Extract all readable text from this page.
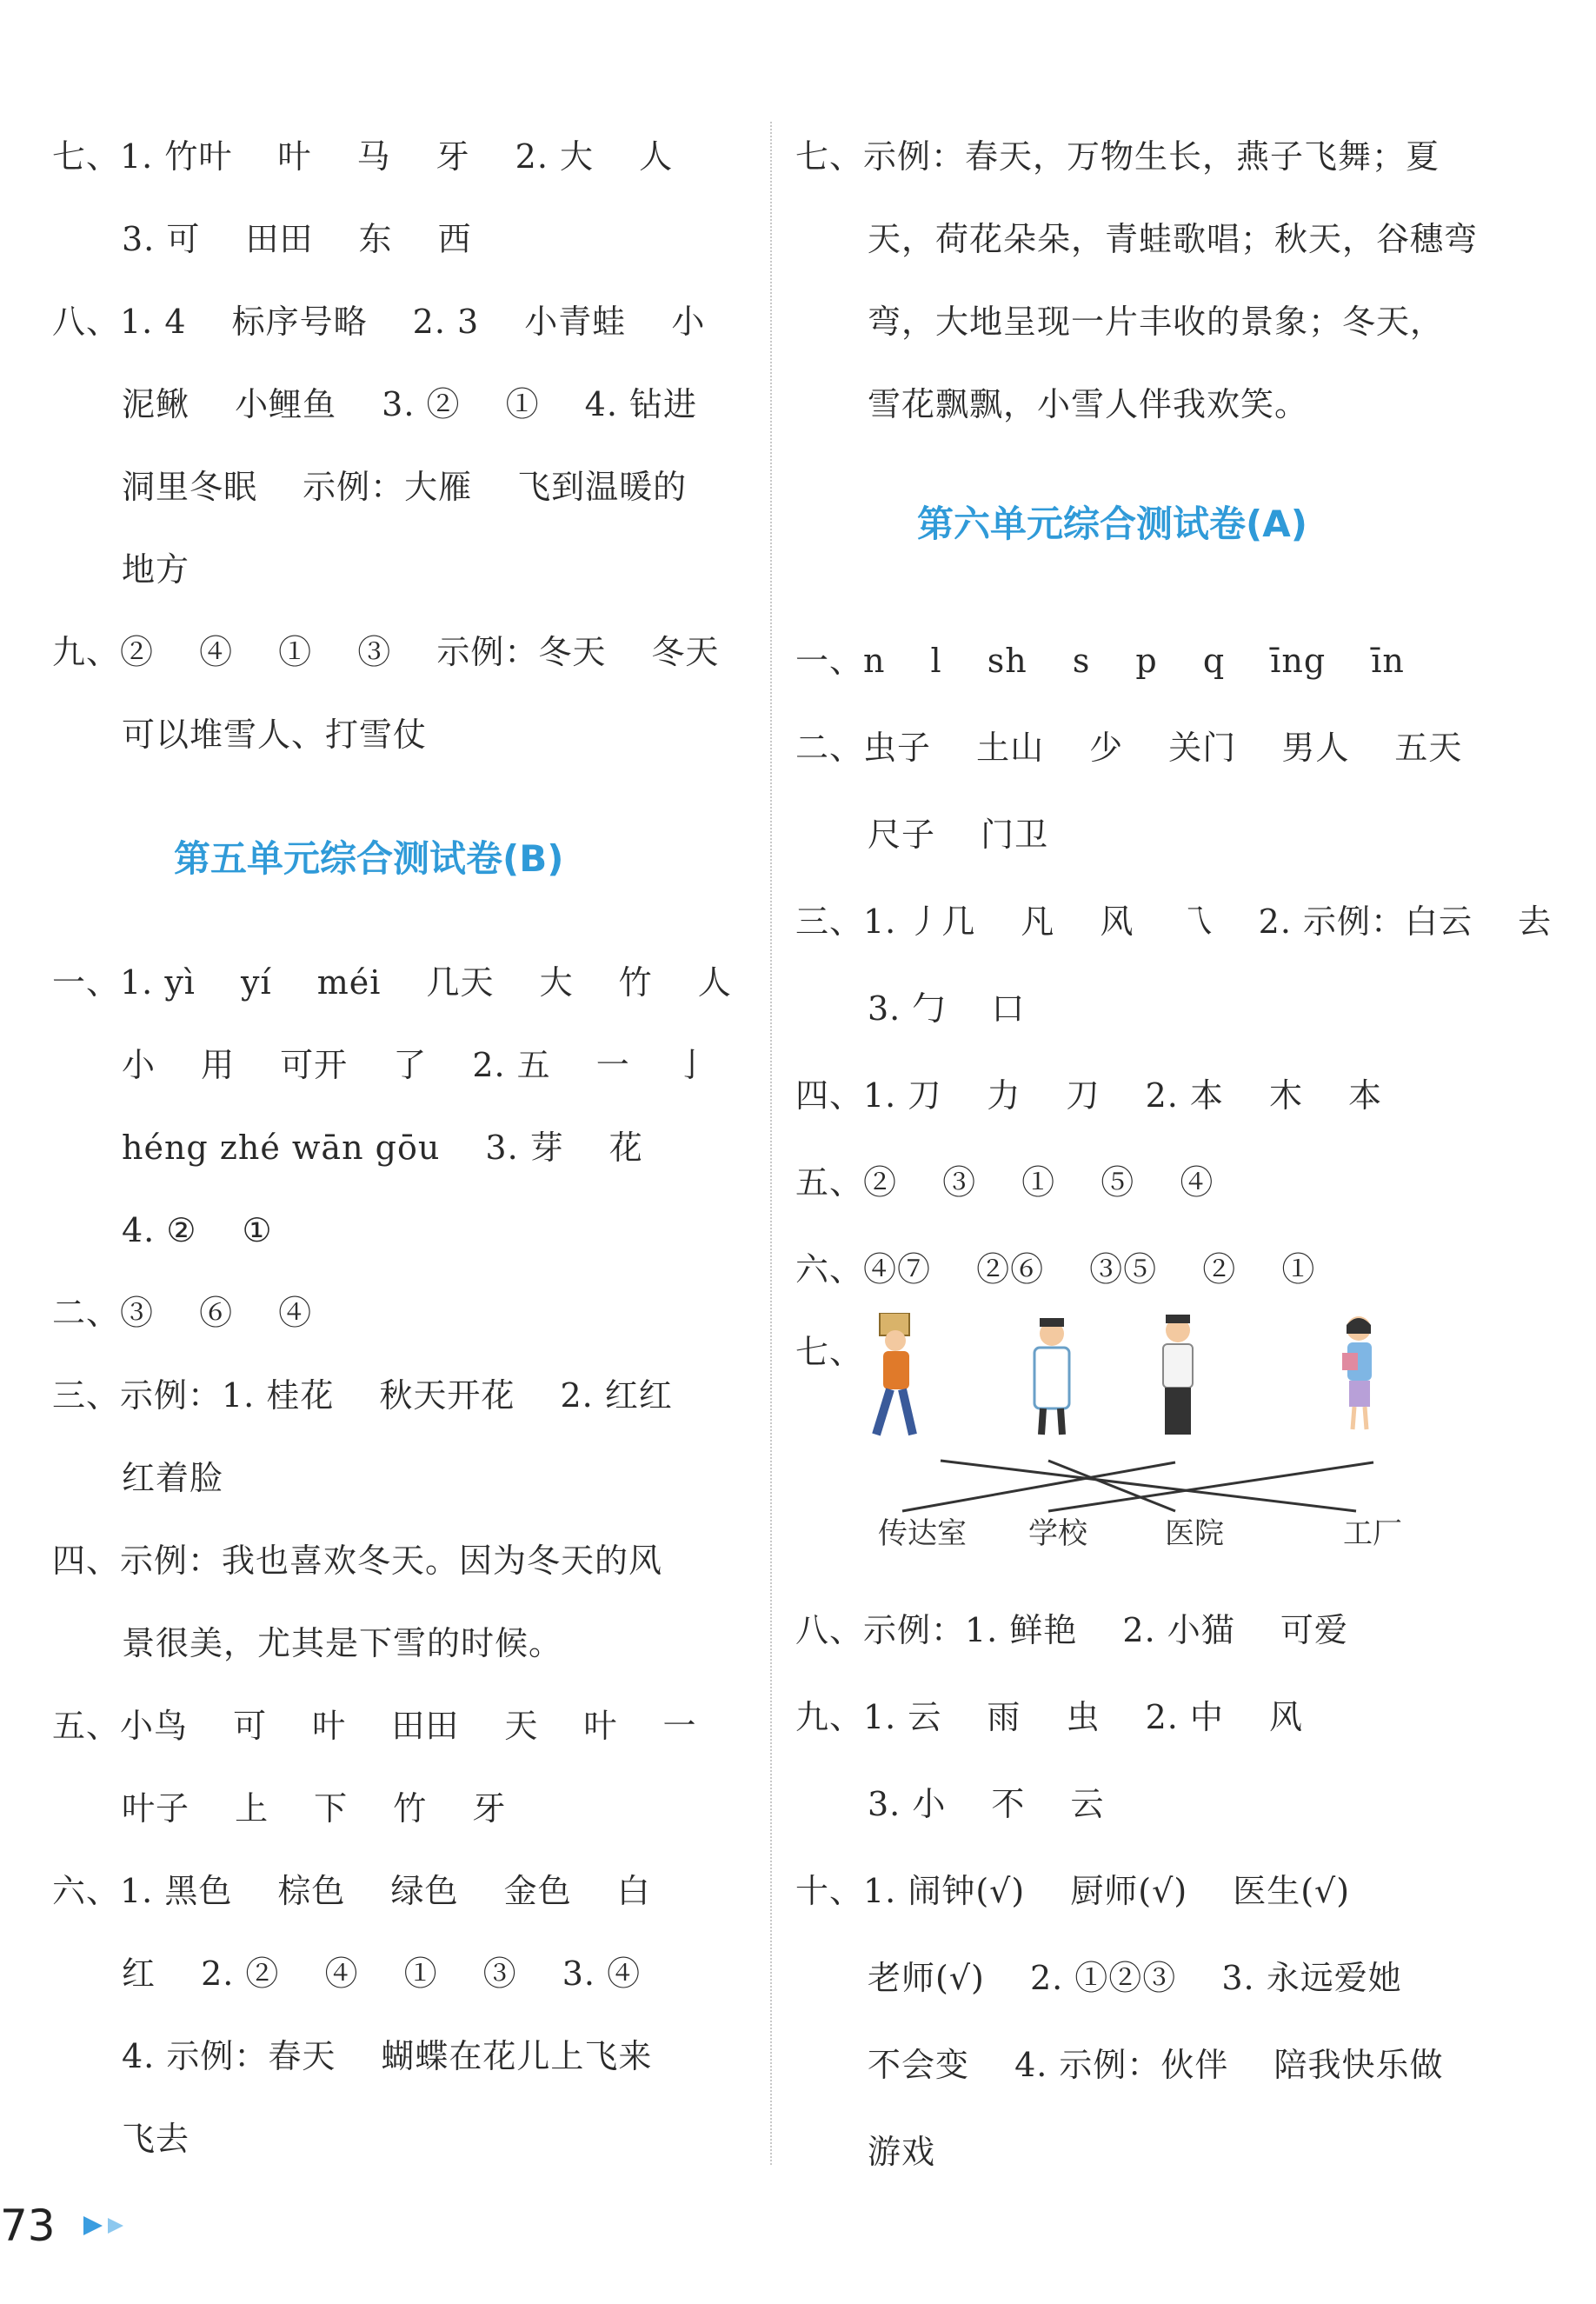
七、1. 竹叶　 叶　 马　 牙　 2. 大　 人
3. 可　 田田　 东　 西
八、1. 4　 标序号略　 2. 3　 小青蛙　 小
泥鳅　 小鲤鱼　 3. ②　 ①　 4. 钻进
洞里冬眠　 示例：大雁　 飞到温暖的
地方
九、②　 ④　 ①　 ③　 示例：冬天　 冬天
可以堆雪人、打雪仗
第五单元综合测试卷(B)
一、1. yì　 yí　 méi　 几天　 大　 竹　 人
小　 用　 可开　 了　 2. 五　 一　 亅
héng zhé wān gōu　 3. 芽　 花
4. ②　 ①
二、③　 ⑥　 ④
三、示例：1. 桂花　 秋天开花　 2. 红红
红着脸
四、示例：我也喜欢冬天。因为冬天的风
景很美，尤其是下雪的时候。
五、小鸟　 可　 叶　 田田　 天　 叶　 一
叶子　 上　 下　 竹　 牙
六、1. 黑色　 棕色　 绿色　 金色　 白
红　 2. ②　 ④　 ①　 ③　 3. ④
4. 示例：春天　 蝴蝶在花儿上飞来
飞去
七、示例：春天，万物生长，燕子飞舞；夏
天，荷花朵朵，青蛙歌唱；秋天，谷穗弯
弯，大地呈现一片丰收的景象；冬天，
雪花飘飘，小雪人伴我欢笑。
第六单元综合测试卷(A)
一、n　 l　 sh　 s　 p　 q　 īng　 īn
二、虫子　 土山　 少　 关门　 男人　 五天
尺子　 门卫
三、1. 丿几　 凡　 风　 乁　 2. 示例：白云　 去
3. 勹　 口
四、1. 刀　 力　 刀　 2. 本　 木　 本
五、②　 ③　 ①　 ⑤　 ④
六、④⑦　 ②⑥　 ③⑤　 ②　 ①
七、
八、示例：1. 鲜艳　 2. 小猫　 可爱
九、1. 云　 雨　 虫　 2. 中　 风
3. 小　 不　 云
十、1. 闹钟(√)　 厨师(√)　 医生(√)
老师(√)　 2. ①②③　 3. 永远爱她
不会变　 4. 示例：伙伴　 陪我快乐做
游戏
传达室 学校	医院	工厂
73
